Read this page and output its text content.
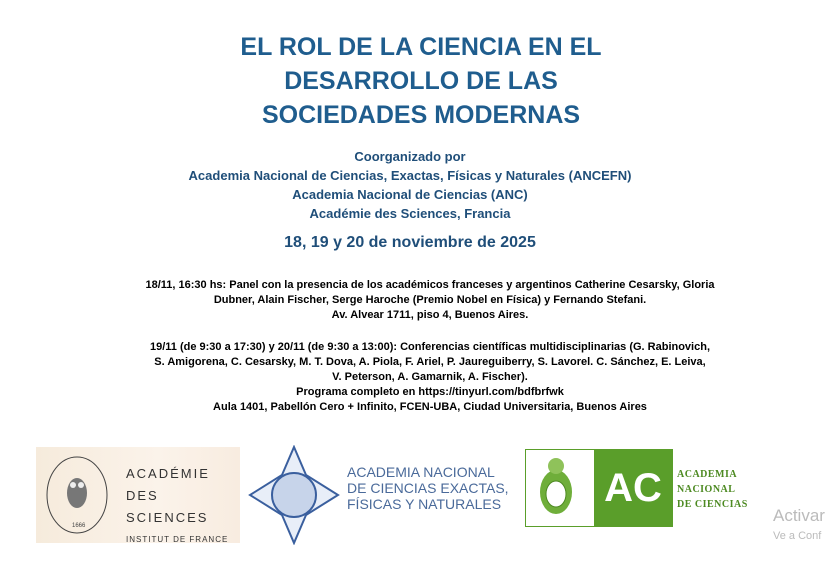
EL ROL DE LA CIENCIA EN EL
DESARROLLO DE LAS
SOCIEDADES MODERNAS
Coorganizado por
Academia Nacional de Ciencias, Exactas, Físicas y Naturales (ANCEFN)
Academia Nacional de Ciencias (ANC)
Académie des Sciences, Francia
18, 19 y 20 de noviembre de 2025
18/11, 16:30 hs: Panel con la presencia de los académicos franceses y argentinos Catherine Cesarsky, Gloria
Dubner, Alain Fischer, Serge Haroche (Premio Nobel en Física) y Fernando Stefani.
Av. Alvear 1711, piso 4, Buenos Aires.
19/11 (de 9:30 a 17:30) y 20/11 (de 9:30 a 13:00): Conferencias científicas multidisciplinarias (G. Rabinovich,
S. Amigorena, C. Cesarsky, M. T. Dova, A. Piola, F. Ariel, P. Jaureguiberry, S. Lavorel. C. Sánchez, E. Leiva,
V. Peterson, A. Gamarnik, A. Fischer).
Programa completo en https://tinyurl.com/bdfbrfwk
Aula 1401, Pabellón Cero + Infinito, FCEN-UBA, Ciudad Universitaria, Buenos Aires
1666
ACADÉMIE
DES SCIENCES
INSTITUT DE FRANCE
ACADEMIA NACIONAL
DE CIENCIAS EXACTAS,
FÍSICAS Y NATURALES	AC	ACADEMIA
NACIONAL
DE CIENCIAS
Activar
Ve a Conf
